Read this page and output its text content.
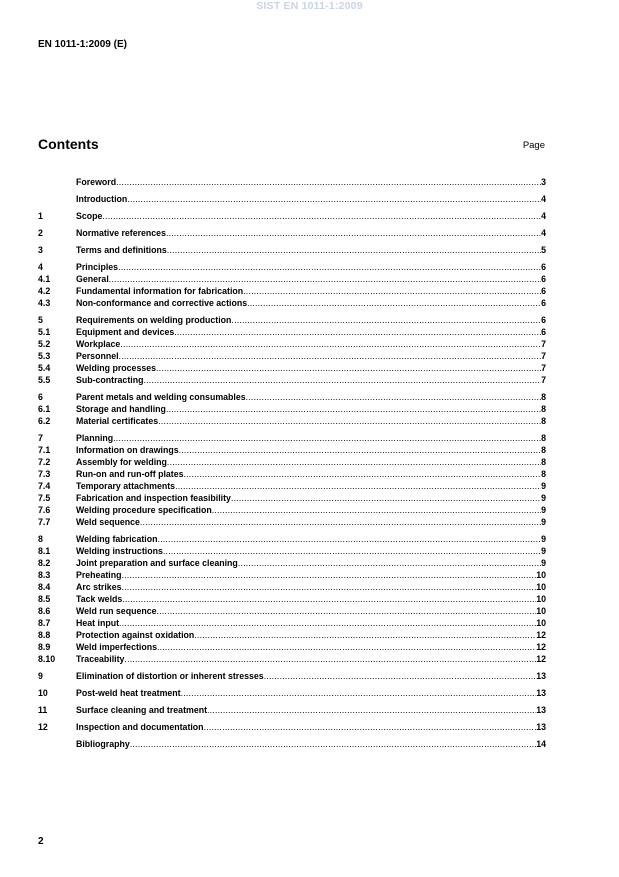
SIST EN 1011-1:2009
EN 1011-1:2009 (E)
Contents	Page
Foreword .....	3
Introduction .....	4
1	Scope .....	4
2	Normative references .....	4
3	Terms and definitions .....	5
4	Principles .....	6
4.1	General .....	6
4.2	Fundamental information for fabrication .....	6
4.3	Non-conformance and corrective actions .....	6
5	Requirements on welding production .....	6
5.1	Equipment and devices .....	6
5.2	Workplace .....	7
5.3	Personnel .....	7
5.4	Welding processes .....	7
5.5	Sub-contracting .....	7
6	Parent metals and welding consumables .....	8
6.1	Storage and handling .....	8
6.2	Material certificates .....	8
7	Planning .....	8
7.1	Information on drawings .....	8
7.2	Assembly for welding .....	8
7.3	Run-on and run-off plates .....	8
7.4	Temporary attachments .....	9
7.5	Fabrication and inspection feasibility .....	9
7.6	Welding procedure specification .....	9
7.7	Weld sequence .....	9
8	Welding fabrication .....	9
8.1	Welding instructions .....	9
8.2	Joint preparation and surface cleaning .....	9
8.3	Preheating .....	10
8.4	Arc strikes .....	10
8.5	Tack welds .....	10
8.6	Weld run sequence .....	10
8.7	Heat input .....	10
8.8	Protection against oxidation .....	12
8.9	Weld imperfections .....	12
8.10	Traceability .....	12
9	Elimination of distortion or inherent stresses .....	13
10	Post-weld heat treatment .....	13
11	Surface cleaning and treatment .....	13
12	Inspection and documentation .....	13
Bibliography .....	14
2
